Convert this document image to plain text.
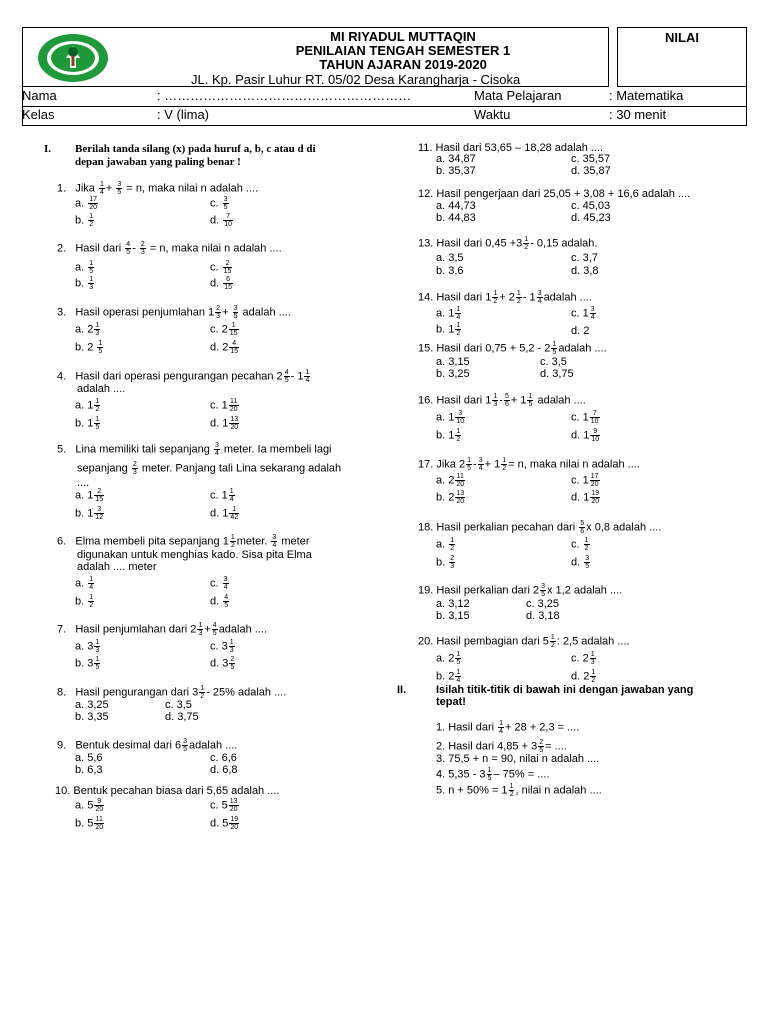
MI RIYADUL MUTTAQIN
PENILAIAN TENGAH SEMESTER 1
TAHUN AJARAN 2019-2020
JL. Kp. Pasir Luhur RT. 05/02 Desa Karangharja - Cisoka
NILAI
Nama	: …………………………………………………	Mata Pelajaran	: Matematika
Kelas	: V (lima)	Waktu	: 30 menit
I. Berilah tanda silang (x) pada huruf a, b, c atau d di
depan jawaban yang paling benar !
1. Jika $\frac{1}{4} + \frac{3}{5} = n$, maka nilai n adalah ....
a. $\frac{17}{20}$
b. $\frac{1}{2}$
c. $\frac{3}{5}$
d. $\frac{7}{10}$
2. Hasil dari $\frac{4}{5} - \frac{2}{3} = n$, maka nilai n adalah ....
a. $\frac{1}{5}$
b. $\frac{1}{3}$
c. $\frac{2}{15}$
d. $\frac{6}{15}$
3. Hasil operasi penjumlahan $1 \frac{2}{3} + \frac{3}{5}$ adalah ....
a. $2 \frac{1}{3}$
b. $2 \frac{1}{5}$
c. $2 \frac{1}{15}$
d. $2 \frac{4}{15}$
4. Hasil dari operasi pengurangan pecahan $2 \frac{4}{5} - 1 \frac{1}{4}$
adalah ....
a. $1 \frac{1}{2}$
b. $1 \frac{1}{5}$
c. $1 \frac{11}{20}$
d. $1 \frac{13}{20}$
5. Lina memiliki tali sepanjang $\frac{3}{4}$ meter. Ia membeli lagi
sepanjang $\frac{2}{3}$ meter. Panjang tali Lina sekarang adalah
....
a. $1 \frac{2}{15}$
b. $1 \frac{3}{12}$
c. $1 \frac{1}{4}$
d. $1 \frac{1}{42}$
6. Elma membeli pita sepanjang $1 \frac{1}{2}$ meter. $\frac{3}{4}$ meter
digunakan untuk menghias kado. Sisa pita Elma
adalah .... meter
a. $\frac{1}{4}$
b. $\frac{1}{2}$
c. $\frac{3}{4}$
d. $\frac{4}{5}$
7. Hasil penjumlahan dari $2 \frac{1}{3} + \frac{4}{5}$ adalah ....
a. $3 \frac{1}{3}$
b. $3 \frac{1}{5}$
c. $3 \frac{1}{3}$
d. $3 \frac{2}{5}$
8. Hasil pengurangan dari $3 \frac{1}{2} - 25\%$ adalah ....
a. 3,25
b. 3,35
c. 3,5
d. 3,75
9. Bentuk desimal dari $6 \frac{3}{5}$ adalah ....
a. 5,6
b. 6,3
c. 6,6
d. 6,8
10. Bentuk pecahan biasa dari 5,65 adalah ....
a. $5 \frac{9}{20}$
b. $5 \frac{11}{20}$
c. $5 \frac{13}{20}$
d. $5 \frac{19}{20}$
11. Hasil dari 53,65 – 18,28 adalah ....
a. 34,87
b. 35,37
c. 35,57
d. 35,87
12. Hasil pengerjaan dari 25,05 + 3,08 + 16,6 adalah ....
a. 44,73
b. 44,83
c. 45,03
d. 45,23
13. Hasil dari $0,45 +3 \frac{1}{2} - 0,15$ adalah.
a. 3,5
b. 3,6
c. 3,7
d. 3,8
14. Hasil dari $1 \frac{1}{2} + 2 \frac{1}{2} - 1 \frac{3}{4}$ adalah ....
a. $1 \frac{1}{4}$
b. $1 \frac{1}{2}$
c. $1 \frac{3}{4}$
d. 2
15. Hasil dari $0,75 + 5,2 - 2 \frac{1}{5}$ adalah ....
a. 3,15
b. 3,25
c. 3,5
d. 3,75
16. Hasil dari $1 \frac{1}{3} - \frac{5}{6} + 1 \frac{1}{5}$ adalah ....
a. $1 \frac{3}{10}$
b. $1 \frac{1}{2}$
c. $1 \frac{7}{10}$
d. $1 \frac{9}{10}$
17. Jika $2 \frac{1}{5} - \frac{3}{4} + 1 \frac{1}{2} = n$, maka nilai n adalah ....
a. $2 \frac{11}{20}$
b. $2 \frac{13}{20}$
c. $1 \frac{17}{20}$
d. $1 \frac{19}{20}$
18. Hasil perkalian pecahan dari $\frac{5}{6}$ x 0,8 adalah ....
a. $\frac{1}{2}$
b. $\frac{2}{3}$
c. $\frac{1}{2}$
d. $\frac{3}{5}$
19. Hasil perkalian dari $2 \frac{3}{5}$ x 1,2 adalah ....
a. 3,12
b. 3,15
c. 3,25
d. 3,18
20. Hasil pembagian dari $5 \frac{1}{2}$ : 2,5 adalah ....
a. $2 \frac{1}{5}$
b. $2 \frac{1}{4}$
c. $2 \frac{1}{3}$
d. $2 \frac{1}{2}$
II.	Isilah titik-titik di bawah ini dengan jawaban yang
tepat!
1. Hasil dari $\frac{1}{4} + 28 + 2,3$ = ....
2. Hasil dari $4,85 + 3 \frac{2}{5}$ = ....
3. 75,5 + n = 90, nilai n adalah ....
4. $5,35 - 3 \frac{1}{5} - 75\%$ = ....
5. $n + 50\% = 1 \frac{1}{2}$ , nilai n adalah ....
